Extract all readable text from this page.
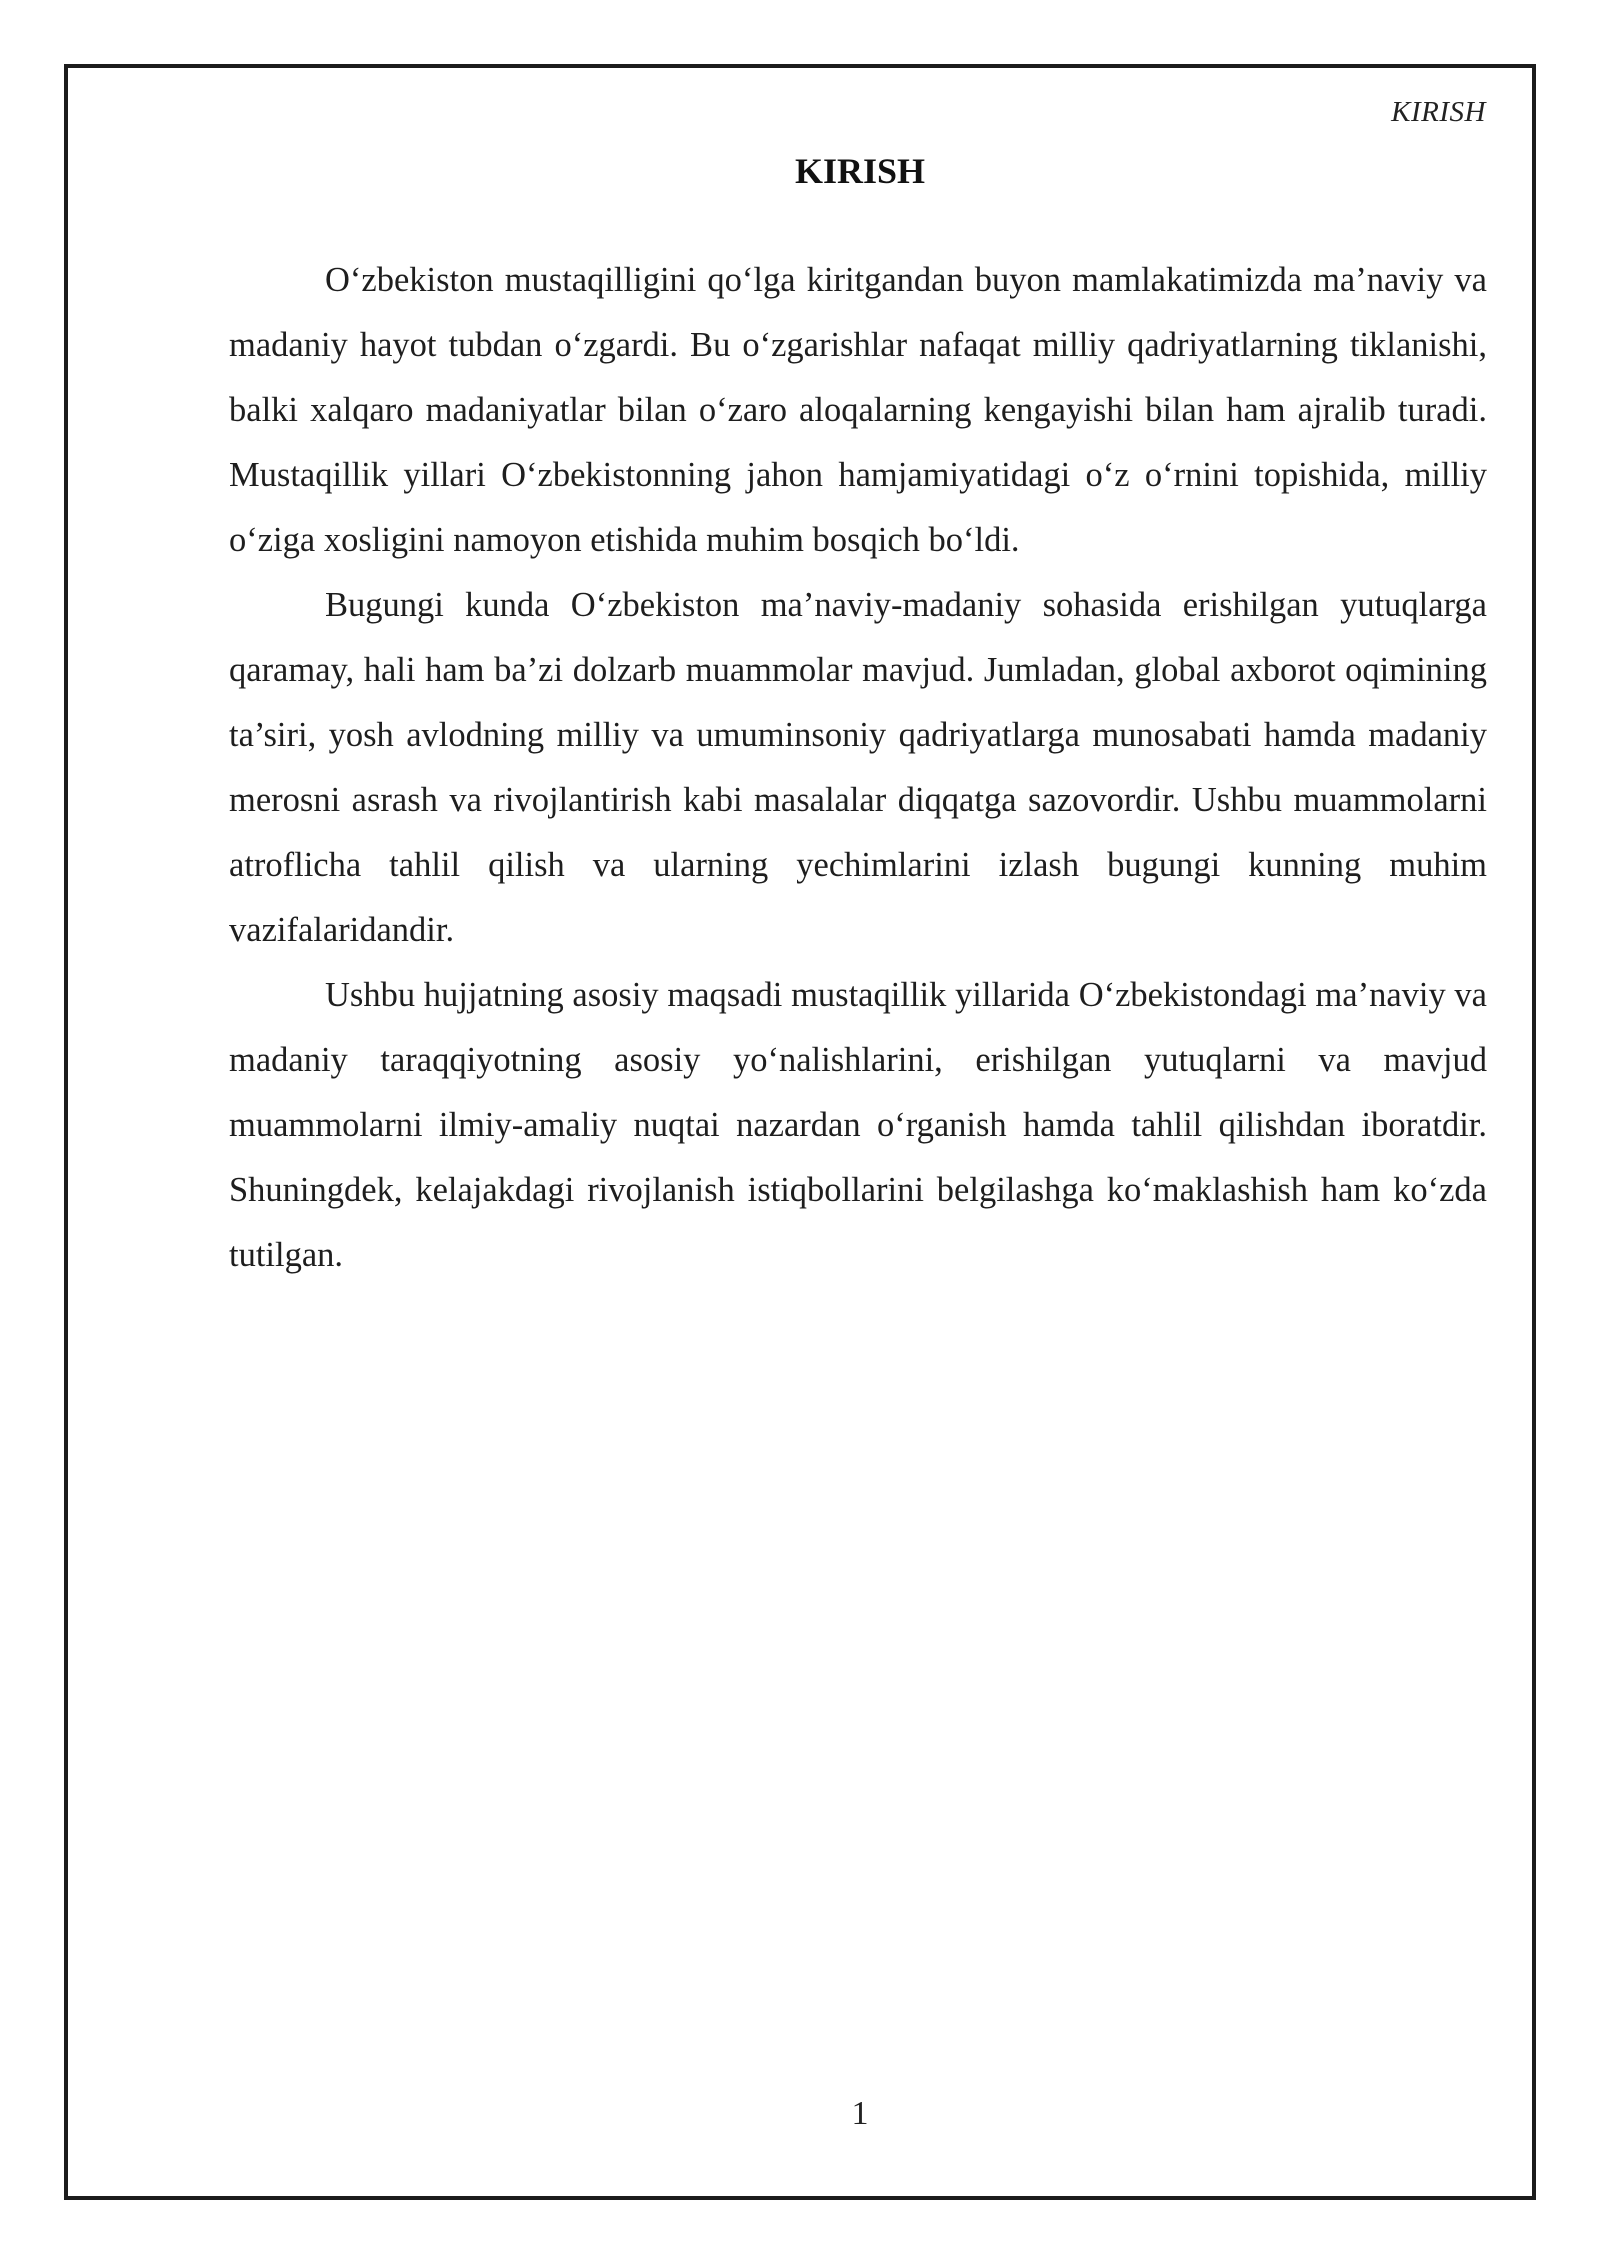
KIRISH
KIRISH

O‘zbekiston mustaqilligini qo‘lga kiritgandan buyon mamlakatimizda ma’naviy va madaniy hayot tubdan o‘zgardi. Bu o‘zgarishlar nafaqat milliy qadriyatlarning tiklanishi, balki xalqaro madaniyatlar bilan o‘zaro aloqalarning kengayishi bilan ham ajralib turadi. Mustaqillik yillari O‘zbekistonning jahon hamjamiyatidagi o‘z o‘rnini topishida, milliy o‘ziga xosligini namoyon etishida muhim bosqich bo‘ldi.

Bugungi kunda O‘zbekiston ma’naviy-madaniy sohasida erishilgan yutuqlarga qaramay, hali ham ba’zi dolzarb muammolar mavjud. Jumladan, global axborot oqimining ta’siri, yosh avlodning milliy va umuminsoniy qadriyatlarga munosabati hamda madaniy merosni asrash va rivojlantirish kabi masalalar diqqatga sazovordir. Ushbu muammolarni atroflicha tahlil qilish va ularning yechimlarini izlash bugungi kunning muhim vazifalaridandir.

Ushbu hujjatning asosiy maqsadi mustaqillik yillarida O‘zbekistondagi ma’naviy va madaniy taraqqiyotning asosiy yo‘nalishlarini, erishilgan yutuqlarni va mavjud muammolarni ilmiy-amaliy nuqtai nazardan o‘rganish hamda tahlil qilishdan iboratdir. Shuningdek, kelajakdagi rivojlanish istiqbollarini belgilashga ko‘maklashish ham ko‘zda tutilgan.

1
